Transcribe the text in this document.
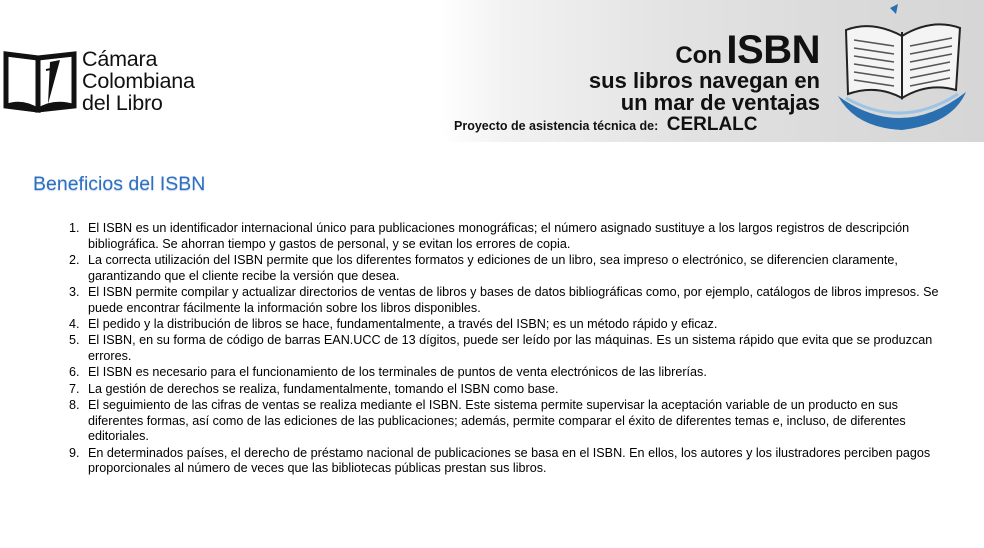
Cámara
Colombiana
del Libro
Con ISBN
sus libros navegan en
un mar de ventajas
Proyecto de asistencia técnica de: CERLALC
Beneficios del ISBN
1. El ISBN es un identificador internacional único para publicaciones monográficas; el número asignado sustituye a los largos registros de descripción bibliográfica. Se ahorran tiempo y gastos de personal, y se evitan los errores de copia.
2. La correcta utilización del ISBN permite que los diferentes formatos y ediciones de un libro, sea impreso o electrónico, se diferencien claramente, garantizando que el cliente recibe la versión que desea.
3. El ISBN permite compilar y actualizar directorios de ventas de libros y bases de datos bibliográficas como, por ejemplo, catálogos de libros impresos. Se puede encontrar fácilmente la información sobre los libros disponibles.
4. El pedido y la distribución de libros se hace, fundamentalmente, a través del ISBN; es un método rápido y eficaz.
5. El ISBN, en su forma de código de barras EAN.UCC de 13 dígitos, puede ser leído por las máquinas. Es un sistema rápido que evita que se produzcan errores.
6. El ISBN es necesario para el funcionamiento de los terminales de puntos de venta electrónicos de las librerías.
7. La gestión de derechos se realiza, fundamentalmente, tomando el ISBN como base.
8. El seguimiento de las cifras de ventas se realiza mediante el ISBN. Este sistema permite supervisar la aceptación variable de un producto en sus diferentes formas, así como de las ediciones de las publicaciones; además, permite comparar el éxito de diferentes temas e, incluso, de diferentes editoriales.
9. En determinados países, el derecho de préstamo nacional de publicaciones se basa en el ISBN. En ellos, los autores y los ilustradores perciben pagos proporcionales al número de veces que las bibliotecas públicas prestan sus libros.
